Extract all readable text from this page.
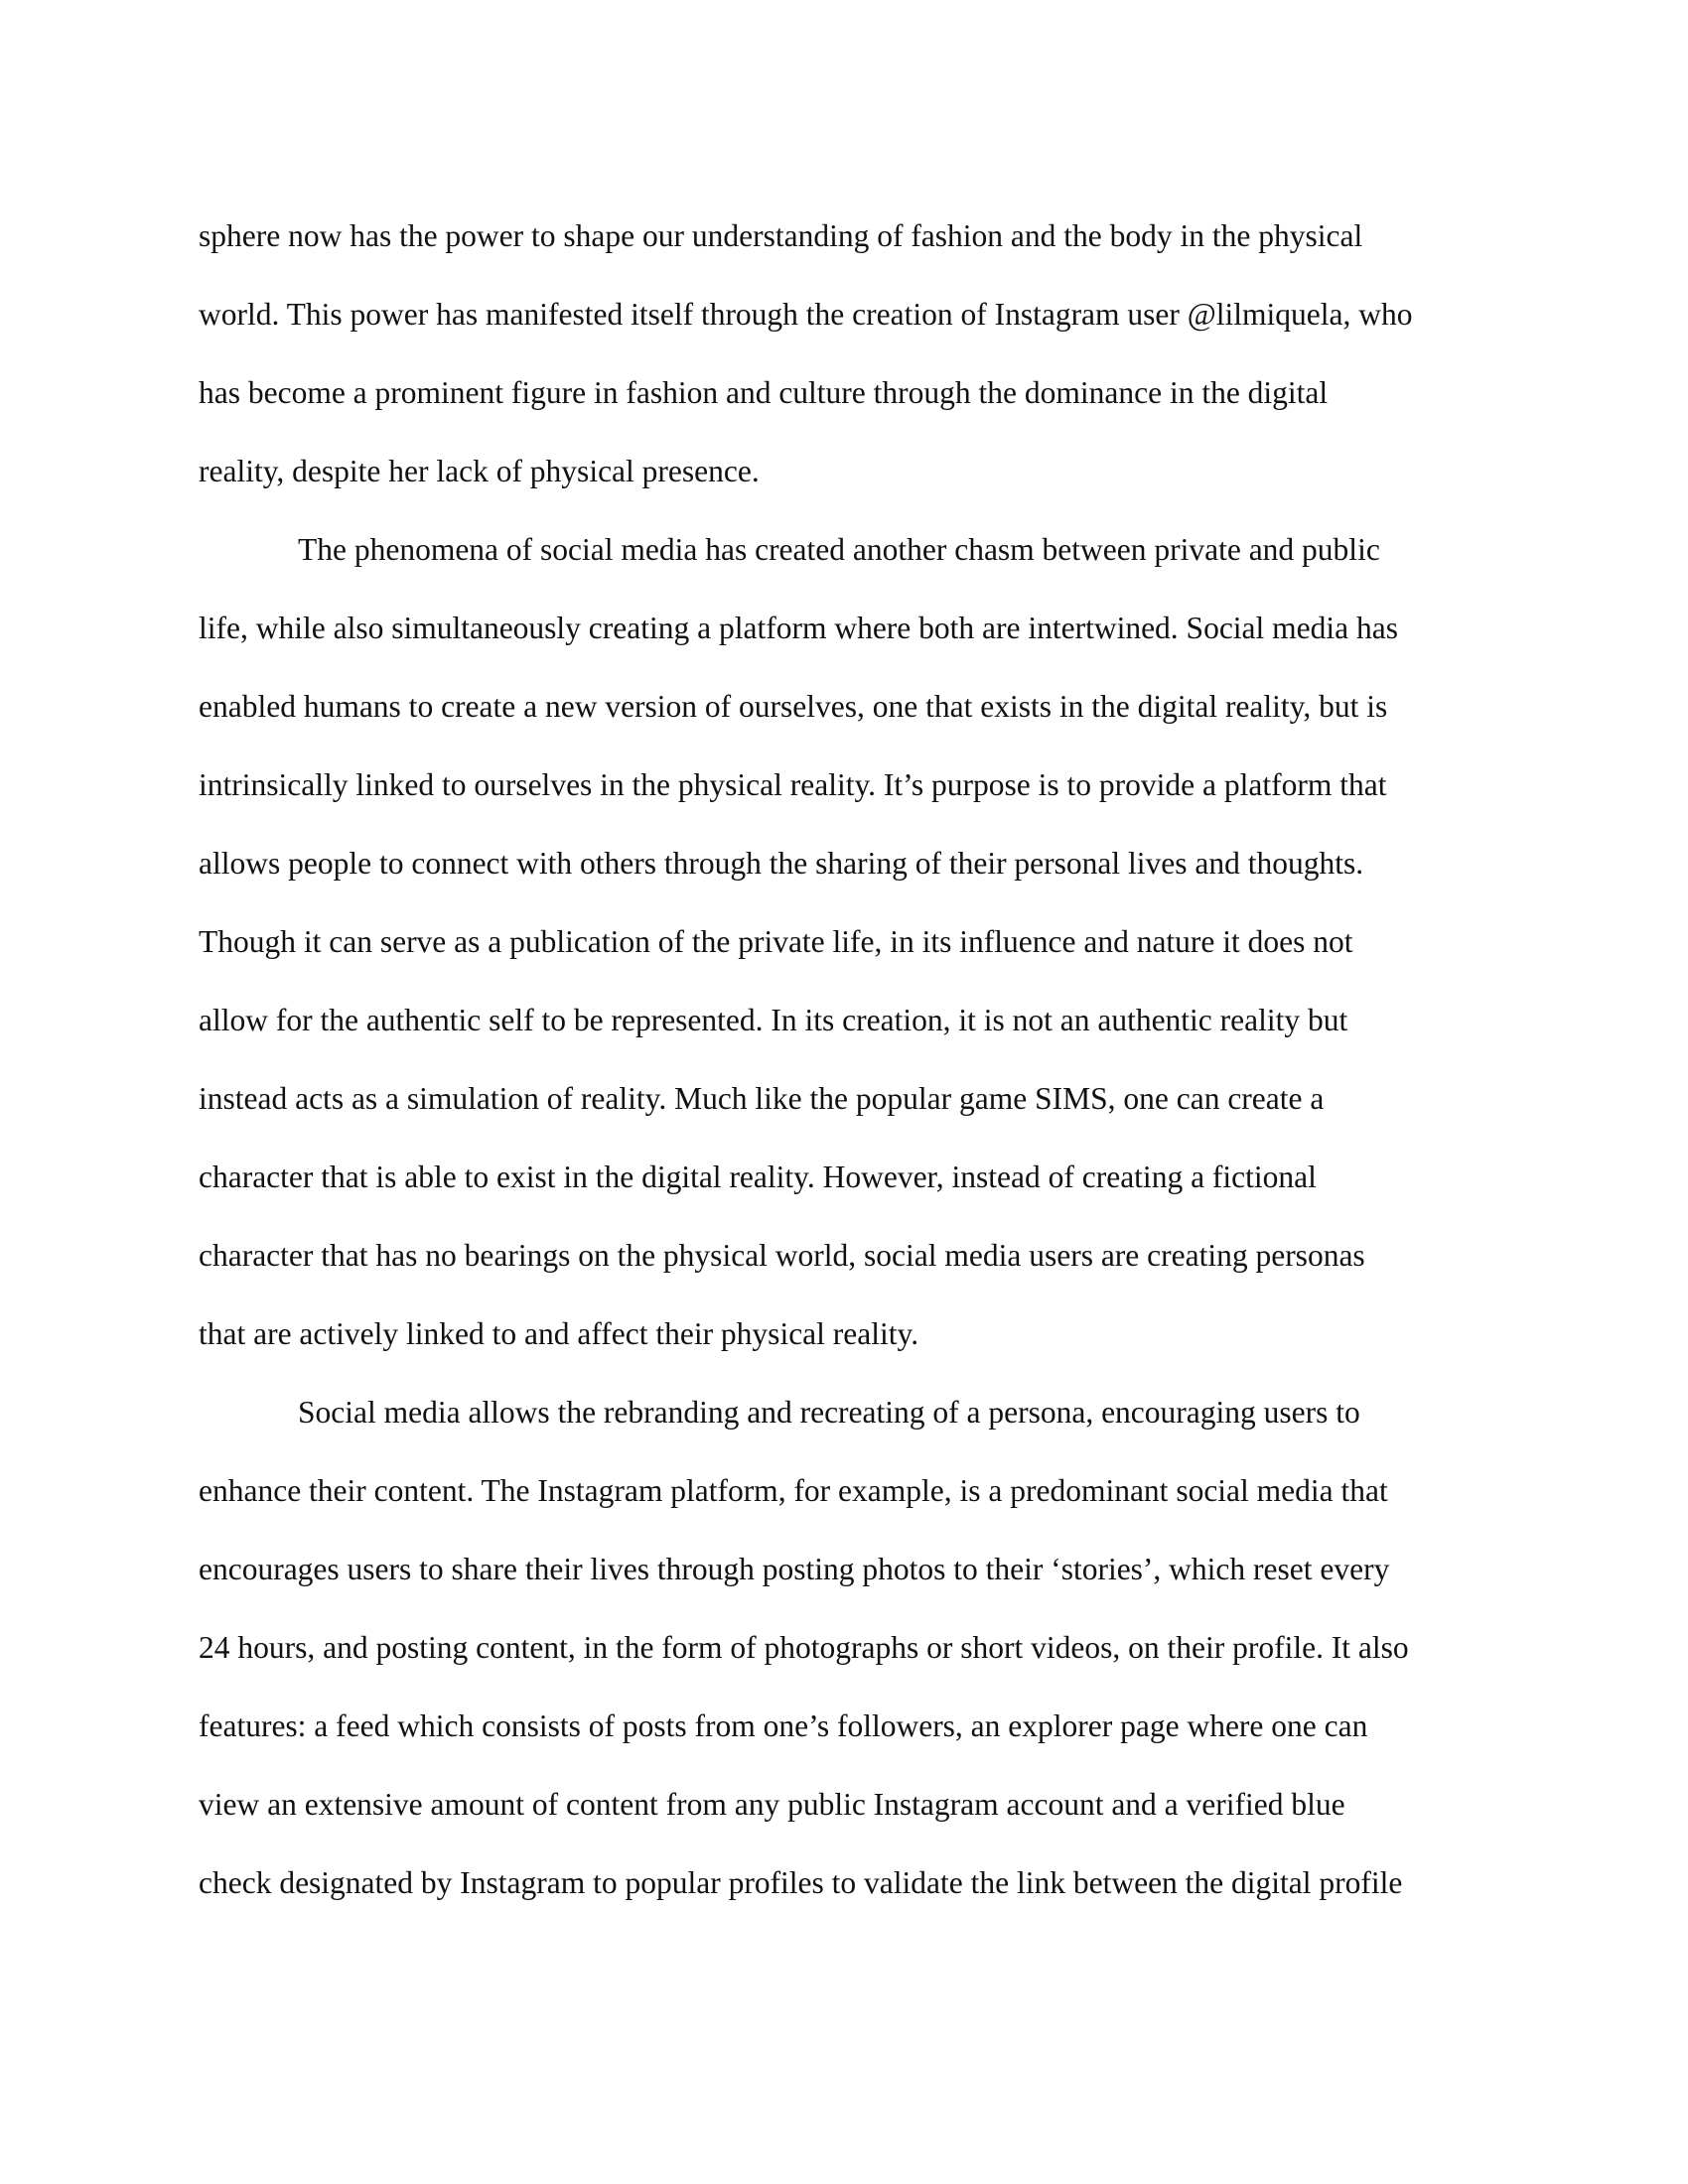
sphere now has the power to shape our understanding of fashion and the body in the physical
world. This power has manifested itself through the creation of Instagram user @lilmiquela, who
has become a prominent figure in fashion and culture through the dominance in the digital
reality, despite her lack of physical presence.
The phenomena of social media has created another chasm between private and public
life, while also simultaneously creating a platform where both are intertwined. Social media has
enabled humans to create a new version of ourselves, one that exists in the digital reality, but is
intrinsically linked to ourselves in the physical reality. It’s purpose is to provide a platform that
allows people to connect with others through the sharing of their personal lives and thoughts.
Though it can serve as a publication of the private life, in its influence and nature it does not
allow for the authentic self to be represented. In its creation, it is not an authentic reality but
instead acts as a simulation of reality. Much like the popular game SIMS, one can create a
character that is able to exist in the digital reality. However, instead of creating a fictional
character that has no bearings on the physical world, social media users are creating personas
that are actively linked to and affect their physical reality.
Social media allows the rebranding and recreating of a persona, encouraging users to
enhance their content. The Instagram platform, for example, is a predominant social media that
encourages users to share their lives through posting photos to their ‘stories’, which reset every
24 hours, and posting content, in the form of photographs or short videos, on their profile. It also
features: a feed which consists of posts from one’s followers, an explorer page where one can
view an extensive amount of content from any public Instagram account and a verified blue
check designated by Instagram to popular profiles to validate the link between the digital profile
